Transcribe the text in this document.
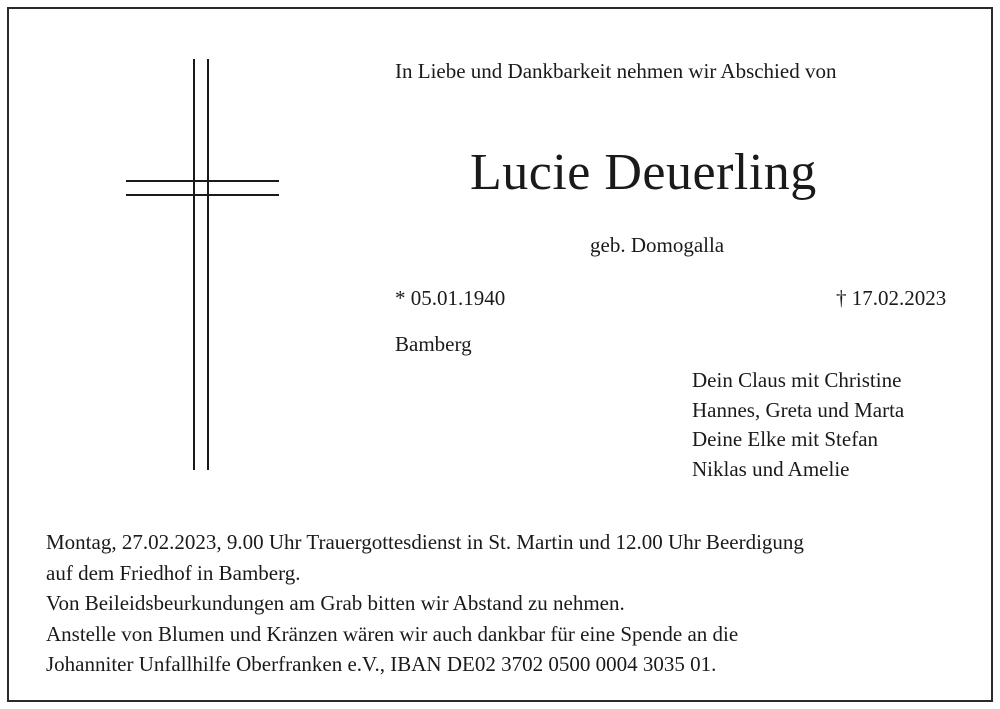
In Liebe und Dankbarkeit nehmen wir Abschied von
Lucie Deuerling
geb. Domogalla
* 05.01.1940	† 17.02.2023
Bamberg
Dein Claus mit Christine
Hannes, Greta und Marta
Deine Elke mit Stefan
Niklas und Amelie
Montag, 27.02.2023, 9.00 Uhr Trauergottesdienst in St. Martin und 12.00 Uhr Beerdigung
auf dem Friedhof in Bamberg.
Von Beileidsbeurkundungen am Grab bitten wir Abstand zu nehmen.
Anstelle von Blumen und Kränzen wären wir auch dankbar für eine Spende an die
Johanniter Unfallhilfe Oberfranken e.V., IBAN DE02 3702 0500 0004 3035 01.
